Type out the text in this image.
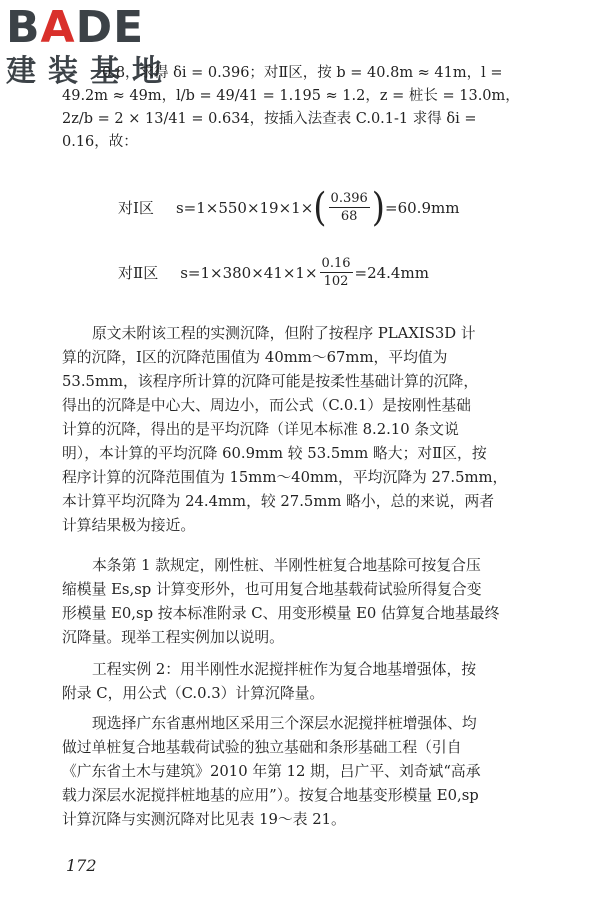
BADE
建装基地
0.8，求得 δi = 0.396；对Ⅱ区，按 b = 40.8m ≈ 41m，l =
49.2m ≈ 49m，l/b = 49/41 = 1.195 ≈ 1.2，z = 桩长 = 13.0m，
2z/b = 2 × 13/41 = 0.634，按插入法查表 C.0.1-1 求得 δi =
0.16，故：
对Ⅰ区 s=1×550×19×1× ( $\frac{0.396}{68}$ ) =60.9mm
对Ⅱ区 $s=1\times 380\times 41\times 1\times \frac{0.16}{102} =24.4mm$
原文未附该工程的实测沉降，但附了按程序 PLAXIS3D 计
算的沉降，Ⅰ区的沉降范围值为 40mm～67mm，平均值为
53.5mm，该程序所计算的沉降可能是按柔性基础计算的沉降，
得出的沉降是中心大、周边小，而公式（C.0.1）是按刚性基础
计算的沉降，得出的是平均沉降（详见本标准 8.2.10 条文说
明），本计算的平均沉降 60.9mm 较 53.5mm 略大；对Ⅱ区，按
程序计算的沉降范围值为 15mm～40mm，平均沉降为 27.5mm，
本计算平均沉降为 24.4mm，较 27.5mm 略小，总的来说，两者
计算结果极为接近。
本条第 1 款规定，刚性桩、半刚性桩复合地基除可按复合压
缩模量 Es,sp 计算变形外，也可用复合地基载荷试验所得复合变
形模量 E0,sp 按本标准附录 C、用变形模量 E0 估算复合地基最终
沉降量。现举工程实例加以说明。
工程实例 2：用半刚性水泥搅拌桩作为复合地基增强体，按
附录 C，用公式（C.0.3）计算沉降量。
现选择广东省惠州地区采用三个深层水泥搅拌桩增强体、均
做过单桩复合地基载荷试验的独立基础和条形基础工程（引自
《广东省土木与建筑》2010 年第 12 期，吕广平、刘奇斌“高承
载力深层水泥搅拌桩地基的应用”）。按复合地基变形模量 E0,sp
计算沉降与实测沉降对比见表 19～表 21。
172
